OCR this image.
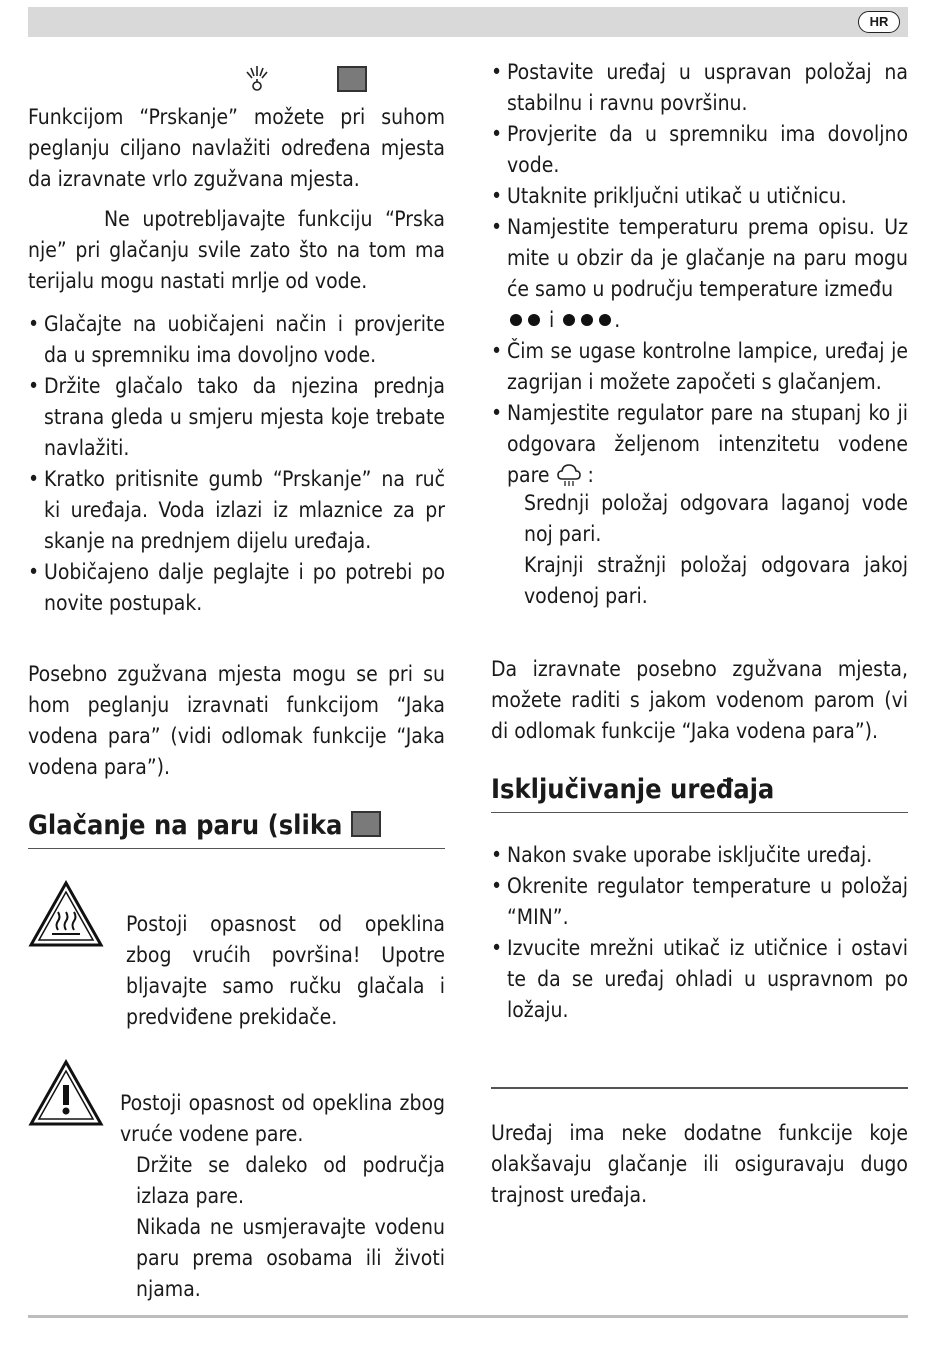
HR

Funkcijom “Prskanje” možete pri suhom peglanju ciljano navlažiti određena mjesta da izravnate vrlo zgužvana mjesta.

Ne upotrebljavajte funkciju “Prska nje” pri glačanju svile zato što na tom ma terijalu mogu nastati mrlje od vode.

• Glačajte na uobičajeni način i provjerite da u spremniku ima dovoljno vode.
• Držite glačalo tako da njezina prednja strana gleda u smjeru mjesta koje trebate navlažiti.
• Kratko pritisnite gumb “Prskanje” na ruč ki uređaja. Voda izlazi iz mlaznice za pr skanje na prednjem dijelu uređaja.
• Uobičajeno dalje peglajte i po potrebi po novite postupak.

Posebno zgužvana mjesta mogu se pri su hom peglanju izravnati funkcijom “Jaka vodena para” (vidi odlomak funkcije “Jaka vodena para”).

Glačanje na paru (slika

Postoji opasnost od opeklina zbog vrućih površina! Upotre bljavajte samo ručku glačala i predviđene prekidače.

Postoji opasnost od opeklina zbog vruće vodene pare.

Držite se daleko od područja izlaza pare.

Nikada ne usmjeravajte vodenu paru prema osobama ili životi njama.

• Postavite uređaj u uspravan položaj na stabilnu i ravnu površinu.
• Provjerite da u spremniku ima dovoljno vode.
• Utaknite priključni utikač u utičnicu.
• Namjestite temperaturu prema opisu. Uz mite u obzir da je glačanje na paru mogu će samo u području temperature između
i	.
• Čim se ugase kontrolne lampice, uređaj je zagrijan i možete započeti s glačanjem.
• Namjestite regulator pare na stupanj ko ji odgovara željenom intenzitetu vodene pare :

Srednji položaj odgovara laganoj vode noj pari.

Krajnji stražnji položaj odgovara jakoj vodenoj pari.

Da izravnate posebno zgužvana mjesta, možete raditi s jakom vodenom parom (vi di odlomak funkcije “Jaka vodena para”).

Isključivanje uređaja
• Nakon svake uporabe isključite uređaj.
• Okrenite regulator temperature u položaj “MIN”.
• Izvucite mrežni utikač iz utičnice i ostavi te da se uređaj ohladi u uspravnom po ložaju.

Uređaj ima neke dodatne funkcije koje olakšavaju glačanje ili osiguravaju dugo trajnost uređaja.
